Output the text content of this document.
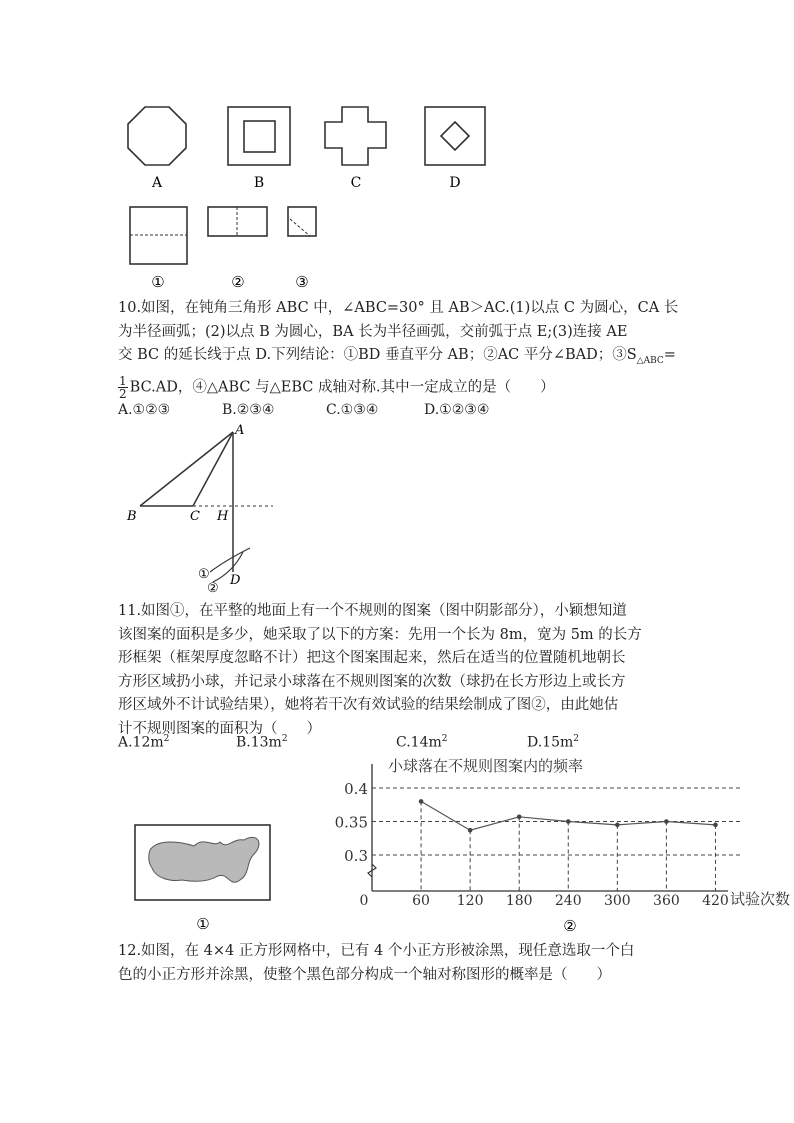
A	B	C	D
①	②	③

10.如图，在钝角三角形 ABC 中，∠ABC=30° 且 AB＞AC.(1)以点 C 为圆心，CA 长

为半径画弧；(2)以点 B 为圆心，BA 长为半径画弧，交前弧于点 E;(3)连接 AE

交 BC 的延长线于点 D.下列结论：①BD 垂直平分 AB；②AC 平分∠BAD；$③S_{\triangle ABC}=$

$\frac{1}{2} BC.AD$，④△ABC 与△EBC 成轴对称.其中一定成立的是（　　）

A.①②③	B.②③④	C.①③④	D.①②③④
A
B	C H
D
①
②

11.如图①，在平整的地面上有一个不规则的图案（图中阴影部分），小颖想知道

该图案的面积是多少，她采取了以下的方案：先用一个长为 8m，宽为 5m 的长方

形框架（框架厚度忽略不计）把这个图案围起来，然后在适当的位置随机地朝长

方形区域扔小球，并记录小球落在不规则图案的次数（球扔在长方形边上或长方

形区域外不计试验结果），她将若干次有效试验的结果绘制成了图②，由此她估

计不规则图案的面积为（　　）

$A.12m^2$	$B.13m^2$	$C.14m^2$	$D.15m^2$
①
0.3
0.35
0.4
0	60 120 180 240 300 360 420
小球落在不规则图案内的频率
试验次数
②

12.如图，在 4×4 正方形网格中，已有 4 个小正方形被涂黑，现任意选取一个白

色的小正方形并涂黑，使整个黑色部分构成一个轴对称图形的概率是（　　）
